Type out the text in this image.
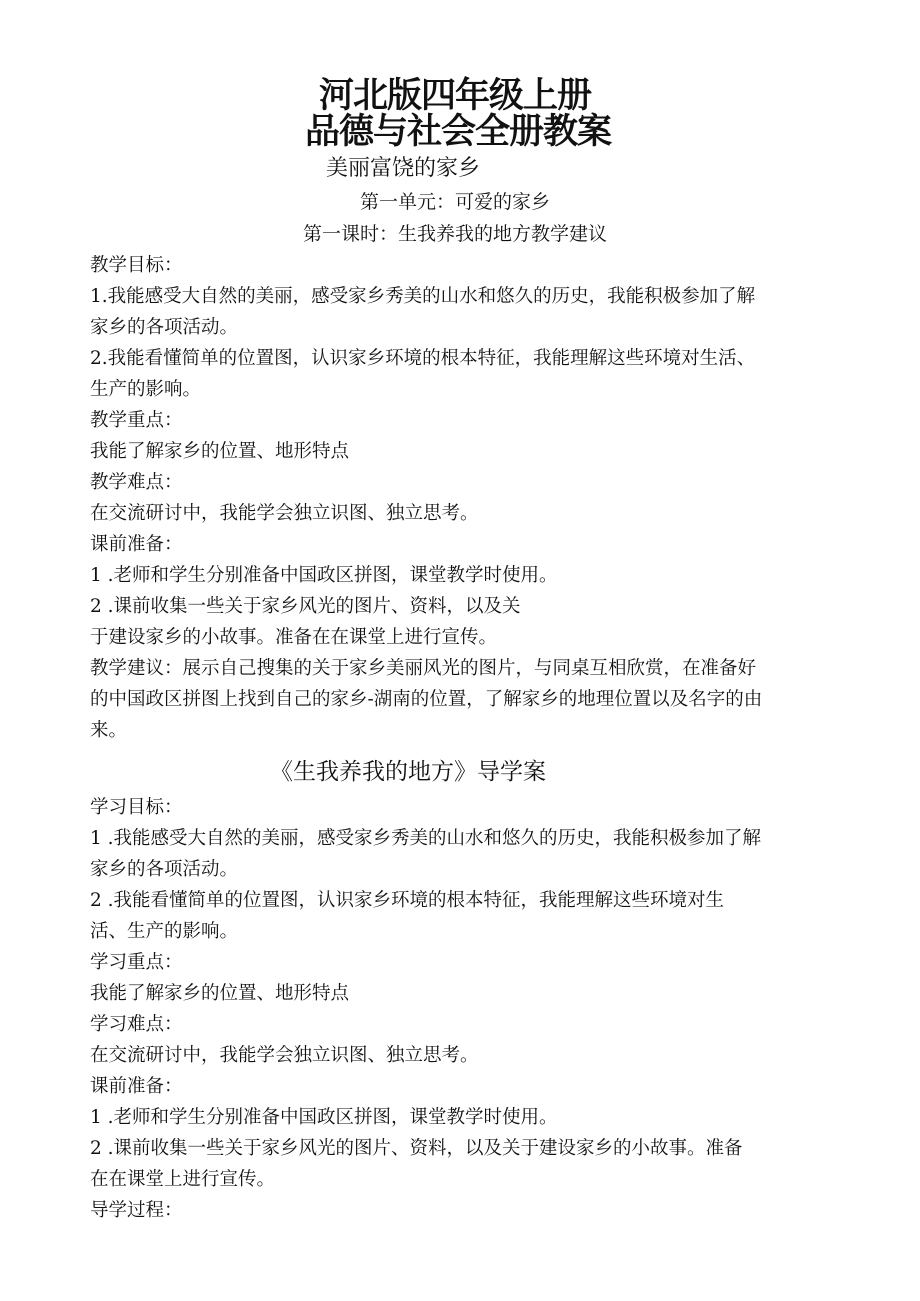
河北版四年级上册
品德与社会全册教案
美丽富饶的家乡
第一单元：可爱的家乡
第一课时：生我养我的地方教学建议

教学目标：

1.我能感受大自然的美丽，感受家乡秀美的山水和悠久的历史，我能积极参加了解

家乡的各项活动。

2.我能看懂简单的位置图，认识家乡环境的根本特征，我能理解这些环境对生活、

生产的影响。

教学重点：

我能了解家乡的位置、地形特点

教学难点：

在交流研讨中，我能学会独立识图、独立思考。

课前准备：

1 .老师和学生分别准备中国政区拼图，课堂教学时使用。

2 .课前收集一些关于家乡风光的图片、资料，以及关

于建设家乡的小故事。准备在在课堂上进行宣传。

教学建议：展示自己搜集的关于家乡美丽风光的图片，与同桌互相欣赏，在准备好

的中国政区拼图上找到自己的家乡-湖南的位置，了解家乡的地理位置以及名字的由

来。

《生我养我的地方》导学案

学习目标：

1 .我能感受大自然的美丽，感受家乡秀美的山水和悠久的历史，我能积极参加了解

家乡的各项活动。

2 .我能看懂简单的位置图，认识家乡环境的根本特征，我能理解这些环境对生

活、生产的影响。

学习重点：

我能了解家乡的位置、地形特点

学习难点：

在交流研讨中，我能学会独立识图、独立思考。

课前准备：

1 .老师和学生分别准备中国政区拼图，课堂教学时使用。

2 .课前收集一些关于家乡风光的图片、资料，以及关于建设家乡的小故事。准备

在在课堂上进行宣传。

导学过程：
